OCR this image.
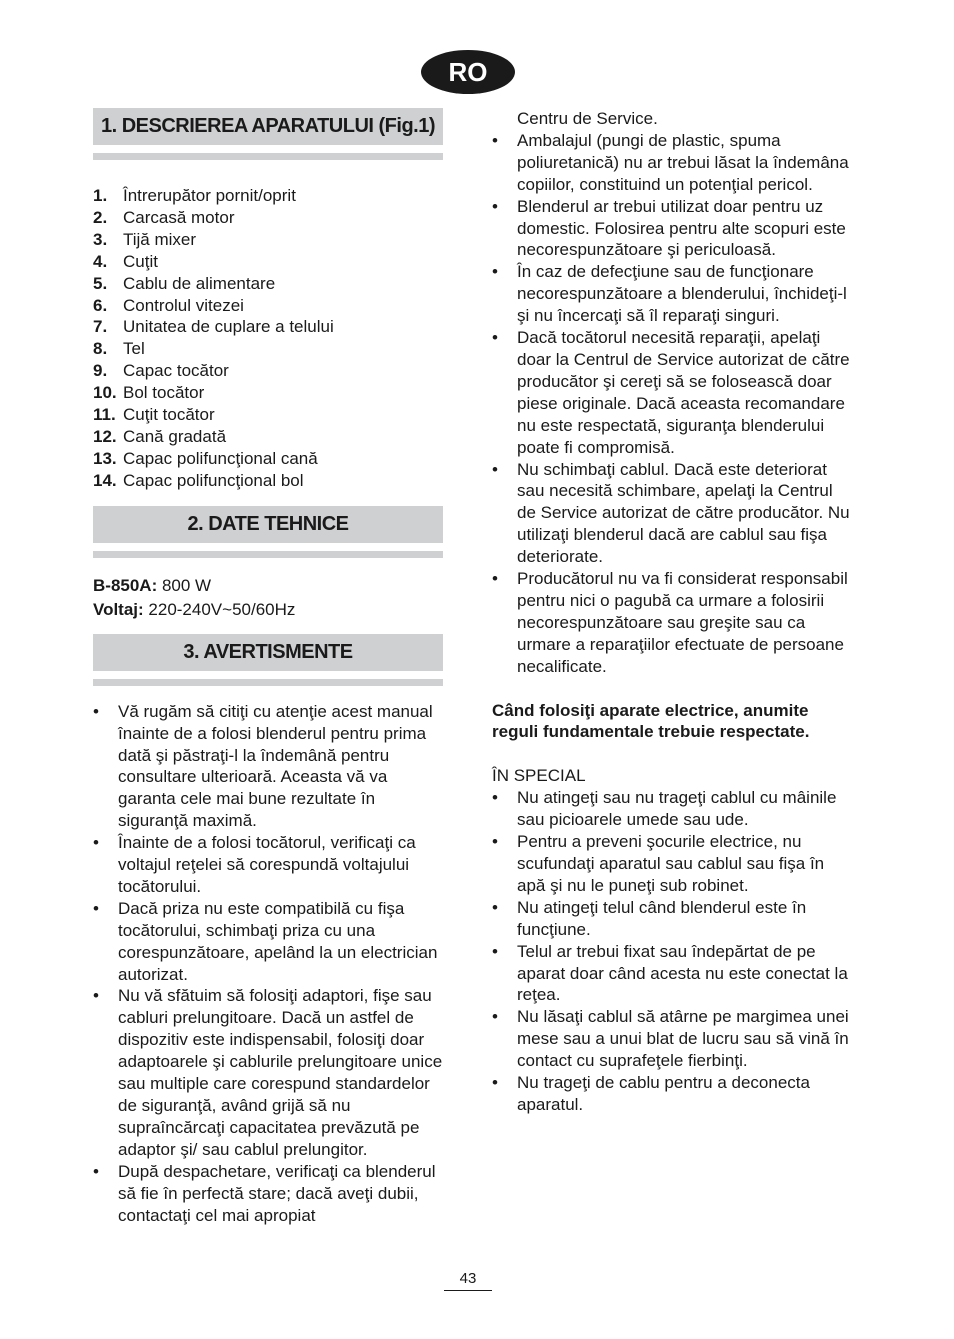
RO
1. DESCRIEREA APARATULUI (Fig.1)
1. Întrerupător pornit/oprit
2. Carcasă motor
3. Tijă mixer
4. Cuţit
5. Cablu de alimentare
6. Controlul vitezei
7. Unitatea de cuplare a telului
8. Tel
9. Capac tocător
10. Bol tocător
11. Cuţit tocător
12. Cană gradată
13. Capac polifuncţional cană
14. Capac polifuncţional bol
2. DATE TEHNICE
B-850A: 800 W
Voltaj: 220-240V~50/60Hz
3. AVERTISMENTE
• Vă rugăm să citiţi cu atenţie acest manual înainte de a folosi blenderul pentru prima dată şi păstraţi-l la îndemână pentru consultare ulterioară. Aceasta vă va garanta cele mai bune rezultate în siguranţă maximă.
• Înainte de a folosi tocătorul, verificaţi ca voltajul reţelei să corespundă voltajului tocătorului.
• Dacă priza nu este compatibilă cu fişa tocătorului, schimbaţi priza cu una corespunzătoare, apelând la un electrician autorizat.
• Nu vă sfătuim să folosiţi adaptori, fişe sau cabluri prelungitoare. Dacă un astfel de dispozitiv este indispensabil, folosiţi doar adaptoarele şi cablurile prelungitoare unice sau multiple care corespund standardelor de siguranţă, având grijă să nu supraîncărcaţi capacitatea prevăzută pe adaptor şi/ sau cablul prelungitor.
• După despachetare, verificaţi ca blenderul să fie în perfectă stare; dacă aveţi dubii, contactaţi cel mai apropiat
Centru de Service.
• Ambalajul (pungi de plastic, spuma poliuretanică) nu ar trebui lăsat la îndemâna copiilor, constituind un potenţial pericol.
• Blenderul ar trebui utilizat doar pentru uz domestic. Folosirea pentru alte scopuri este necorespunzătoare şi periculoasă.
• În caz de defecţiune sau de funcţionare necorespunzătoare a blenderului, închideţi-l şi nu încercaţi să îl reparaţi singuri.
• Dacă tocătorul necesită reparaţii, apelaţi doar la Centrul de Service autorizat de către producător şi cereţi să se folosească doar piese originale. Dacă aceasta recomandare nu este respectată, siguranţa blenderului poate fi compromisă.
• Nu schimbaţi cablul. Dacă este deteriorat sau necesită schimbare, apelaţi la Centrul de Service autorizat de către producător. Nu utilizaţi blenderul dacă are cablul sau fişa deteriorate.
• Producătorul nu va fi considerat responsabil pentru nici o pagubă ca urmare a folosirii necorespunzătoare sau greşite sau ca urmare a reparaţiilor efectuate de persoane necalificate.
Când folosiţi aparate electrice, anumite reguli fundamentale trebuie respectate.
ÎN SPECIAL
• Nu atingeţi sau nu trageţi cablul cu mâinile sau picioarele umede sau ude.
• Pentru a preveni şocurile electrice, nu scufundaţi aparatul sau cablul sau fişa în apă şi nu le puneţi sub robinet.
• Nu atingeţi telul când blenderul este în funcţiune.
• Telul ar trebui fixat sau îndepărtat de pe aparat doar când acesta nu este conectat la reţea.
• Nu lăsaţi cablul să atârne pe margimea unei mese sau a unui blat de lucru sau să vină în contact cu suprafeţele fierbinţi.
• Nu trageţi de cablu pentru a deconecta aparatul.
43
